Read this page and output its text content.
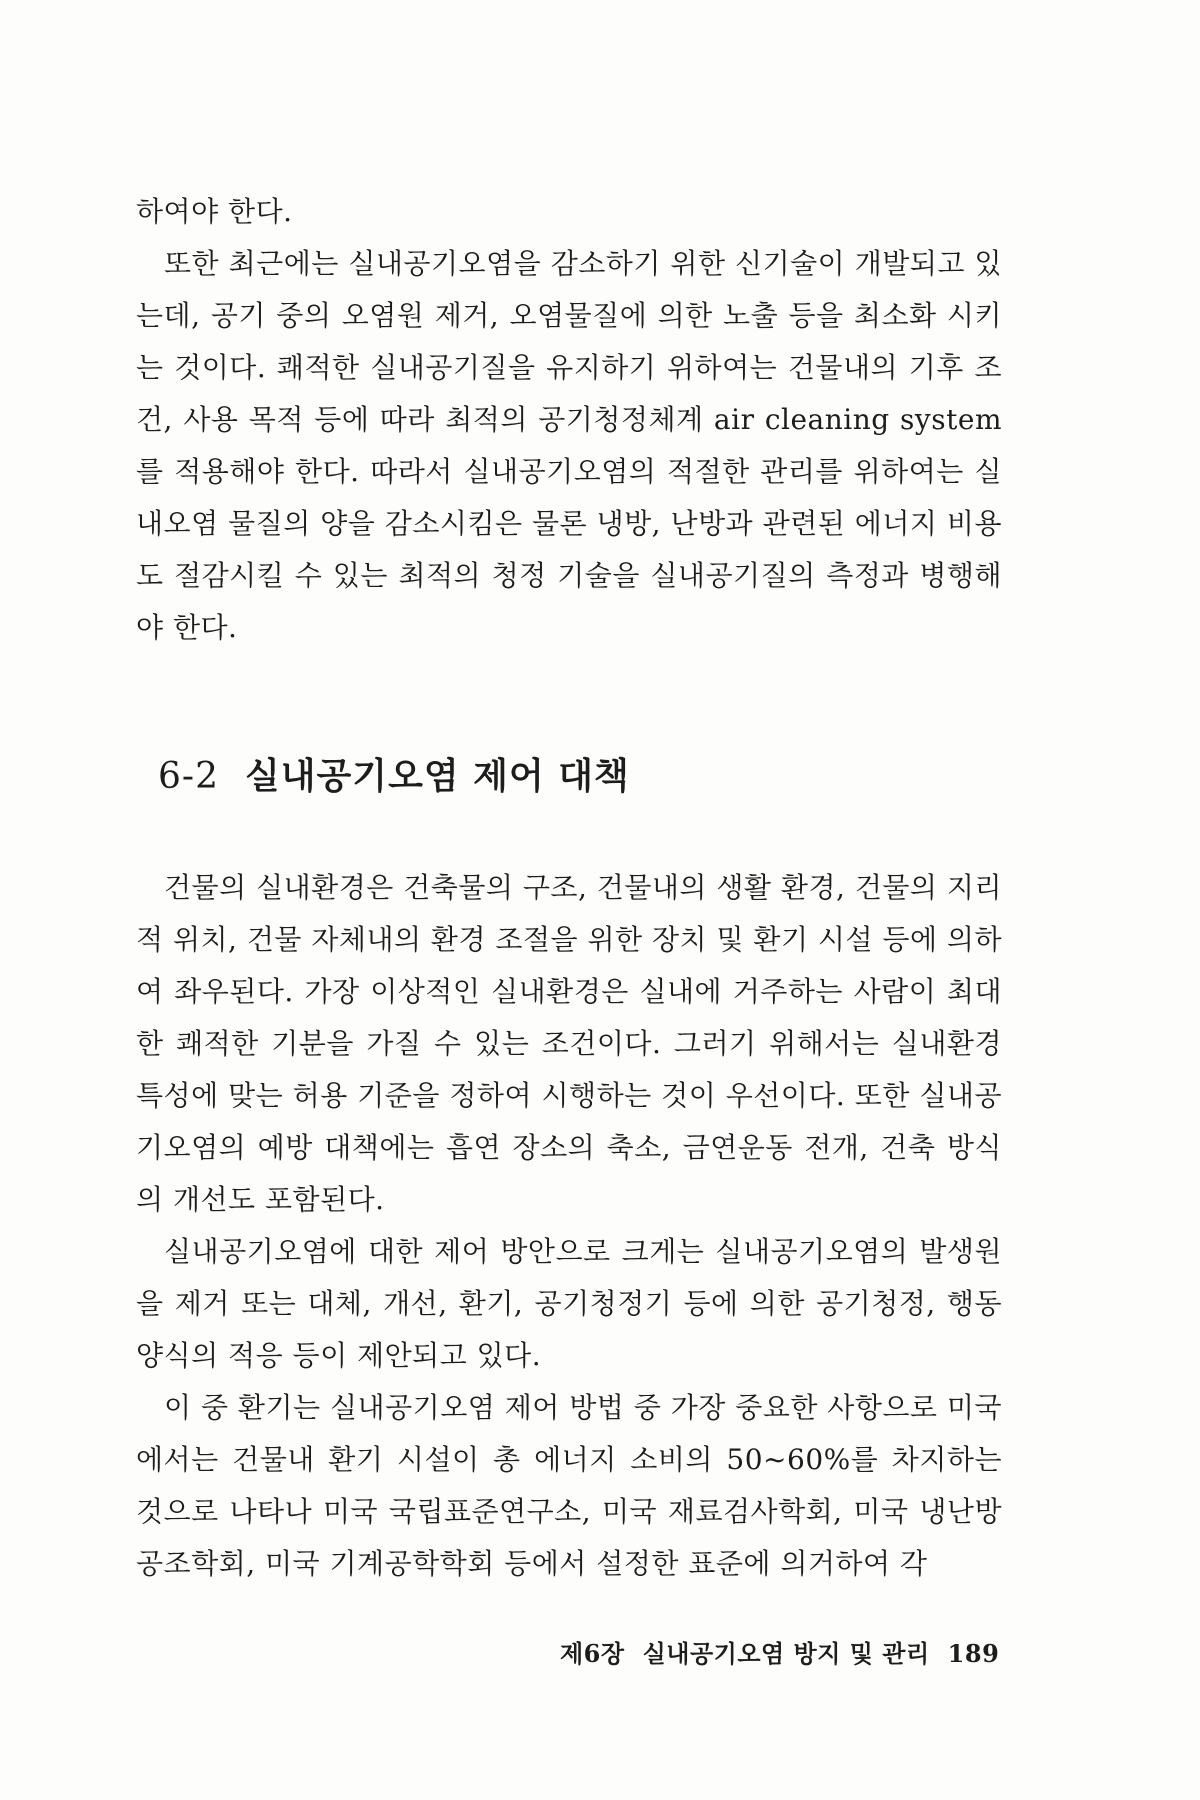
하여야 한다.

또한 최근에는 실내공기오염을 감소하기 위한 신기술이 개발되고 있는데, 공기 중의 오염원 제거, 오염물질에 의한 노출 등을 최소화 시키는 것이다. 쾌적한 실내공기질을 유지하기 위하여는 건물내의 기후 조건, 사용 목적 등에 따라 최적의 공기청정체계 air cleaning system를 적용해야 한다. 따라서 실내공기오염의 적절한 관리를 위하여는 실내오염 물질의 양을 감소시킴은 물론 냉방, 난방과 관련된 에너지 비용도 절감시킬 수 있는 최적의 청정 기술을 실내공기질의 측정과 병행해야 한다.

6-2 실내공기오염 제어 대책

건물의 실내환경은 건축물의 구조, 건물내의 생활 환경, 건물의 지리적 위치, 건물 자체내의 환경 조절을 위한 장치 및 환기 시설 등에 의하여 좌우된다. 가장 이상적인 실내환경은 실내에 거주하는 사람이 최대한 쾌적한 기분을 가질 수 있는 조건이다. 그러기 위해서는 실내환경 특성에 맞는 허용 기준을 정하여 시행하는 것이 우선이다. 또한 실내공기오염의 예방 대책에는 흡연 장소의 축소, 금연운동 전개, 건축 방식의 개선도 포함된다.

실내공기오염에 대한 제어 방안으로 크게는 실내공기오염의 발생원을 제거 또는 대체, 개선, 환기, 공기청정기 등에 의한 공기청정, 행동 양식의 적응 등이 제안되고 있다.

이 중 환기는 실내공기오염 제어 방법 중 가장 중요한 사항으로 미국에서는 건물내 환기 시설이 총 에너지 소비의 50~60%를 차지하는 것으로 나타나 미국 국립표준연구소, 미국 재료검사학회, 미국 냉난방공조학회, 미국 기계공학학회 등에서 설정한 표준에 의거하여 각

제6장 실내공기오염 방지 및 관리 189
